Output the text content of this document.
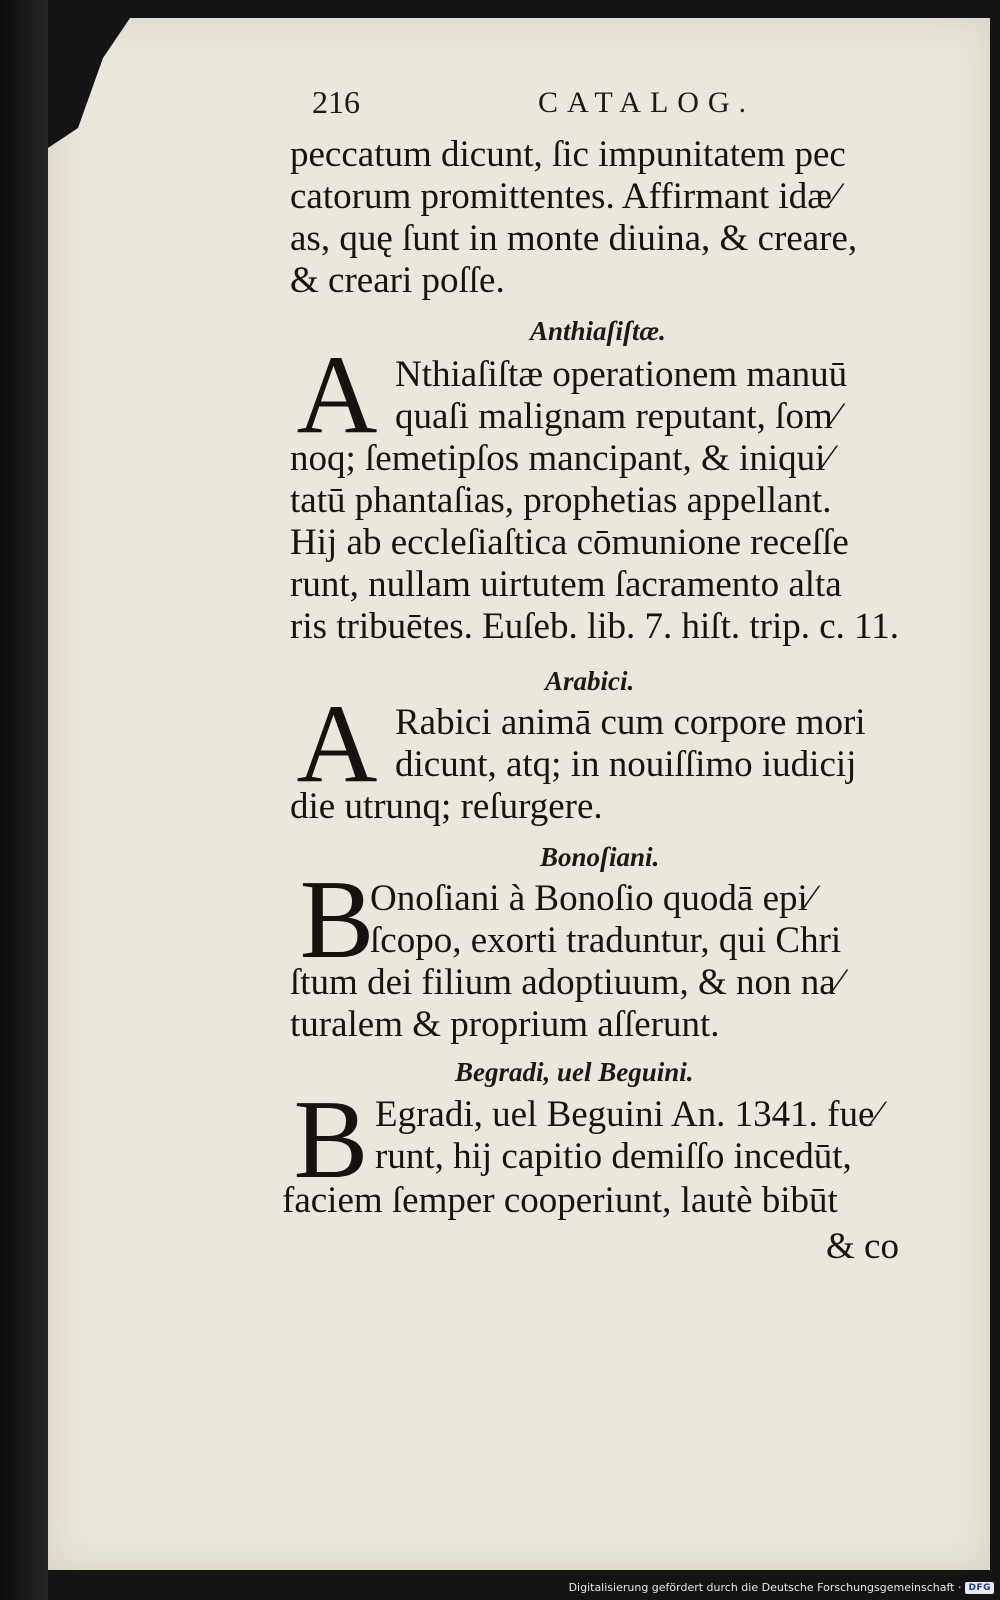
216	CATALOG.

peccatum dicunt, ſic impunitatem pec

catorum promittentes. Affirmant idæ⁄

as, quę ſunt in monte diuina, & creare,

& creari poſſe.

Anthiaſiſtæ.
A Nthiaſiſtæ operationem manuū

quaſi malignam reputant, ſom⁄

noq; ſemetipſos mancipant, & iniqui⁄

tatū phantaſias, prophetias appellant.

Hij ab eccleſiaſtica cōmunione receſſe

runt, nullam uirtutem ſacramento alta

ris tribuētes. Euſeb. lib. 7. hiſt. trip. c. 11.

Arabici.
A Rabici animā cum corpore mori

dicunt, atq; in nouiſſimo iudicij

die utrunq; reſurgere.

Bonoſiani.
B

Onoſiani à Bonoſio quodā epi⁄

ſcopo, exorti traduntur, qui Chri

ſtum dei filium adoptiuum, & non na⁄

turalem & proprium aſſerunt.

Begradi, uel Beguini.
B Egradi, uel Beguini An. 1341. fue⁄

runt, hij capitio demiſſo incedūt,

faciem ſemper cooperiunt, lautè bibūt

& co
Digitalisierung gefördert durch die Deutsche Forschungsgemeinschaft · DFG
